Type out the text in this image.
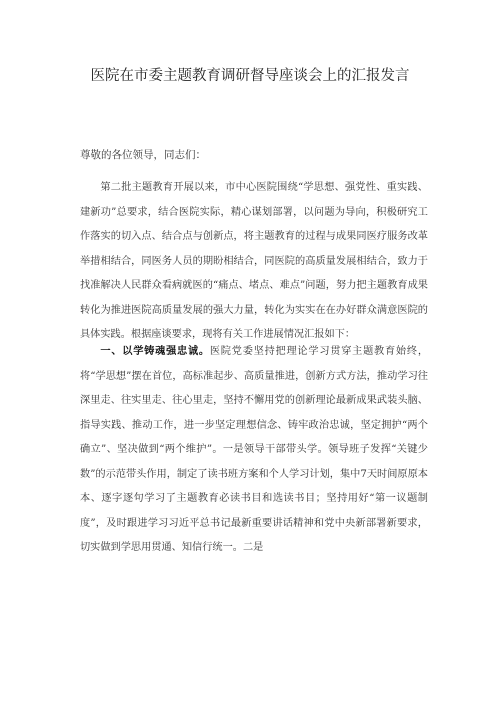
医院在市委主题教育调研督导座谈会上的汇报发言
尊敬的各位领导，同志们：

第二批主题教育开展以来，市中心医院围绕“学思想、强党性、重实践、建新功”总要求，结合医院实际，精心谋划部署，以问题为导向，积极研究工作落实的切入点、结合点与创新点，将主题教育的过程与成果同医疗服务改革举措相结合，同医务人员的期盼相结合，同医院的高质量发展相结合，致力于找准解决人民群众看病就医的“痛点、堵点、难点”问题，努力把主题教育成果转化为推进医院高质量发展的强大力量，转化为实实在在办好群众满意医院的具体实践。根据座谈要求，现将有关工作进展情况汇报如下：

一、以学铸魂强忠诚。医院党委坚持把理论学习贯穿主题教育始终，将“学思想”摆在首位，高标准起步、高质量推进，创新方式方法，推动学习往深里走、往实里走、往心里走，坚持不懈用党的创新理论最新成果武装头脑、指导实践、推动工作，进一步坚定理想信念、铸牢政治忠诚，坚定拥护“两个确立”、坚决做到“两个维护”。一是领导干部带头学。领导班子发挥“关键少数”的示范带头作用，制定了读书班方案和个人学习计划，集中7天时间原原本本、逐字逐句学习了主题教育必读书目和选读书目；坚持用好“第一议题制度”，及时跟进学习习近平总书记最新重要讲话精神和党中央新部署新要求，切实做到学思用贯通、知信行统一。二是
